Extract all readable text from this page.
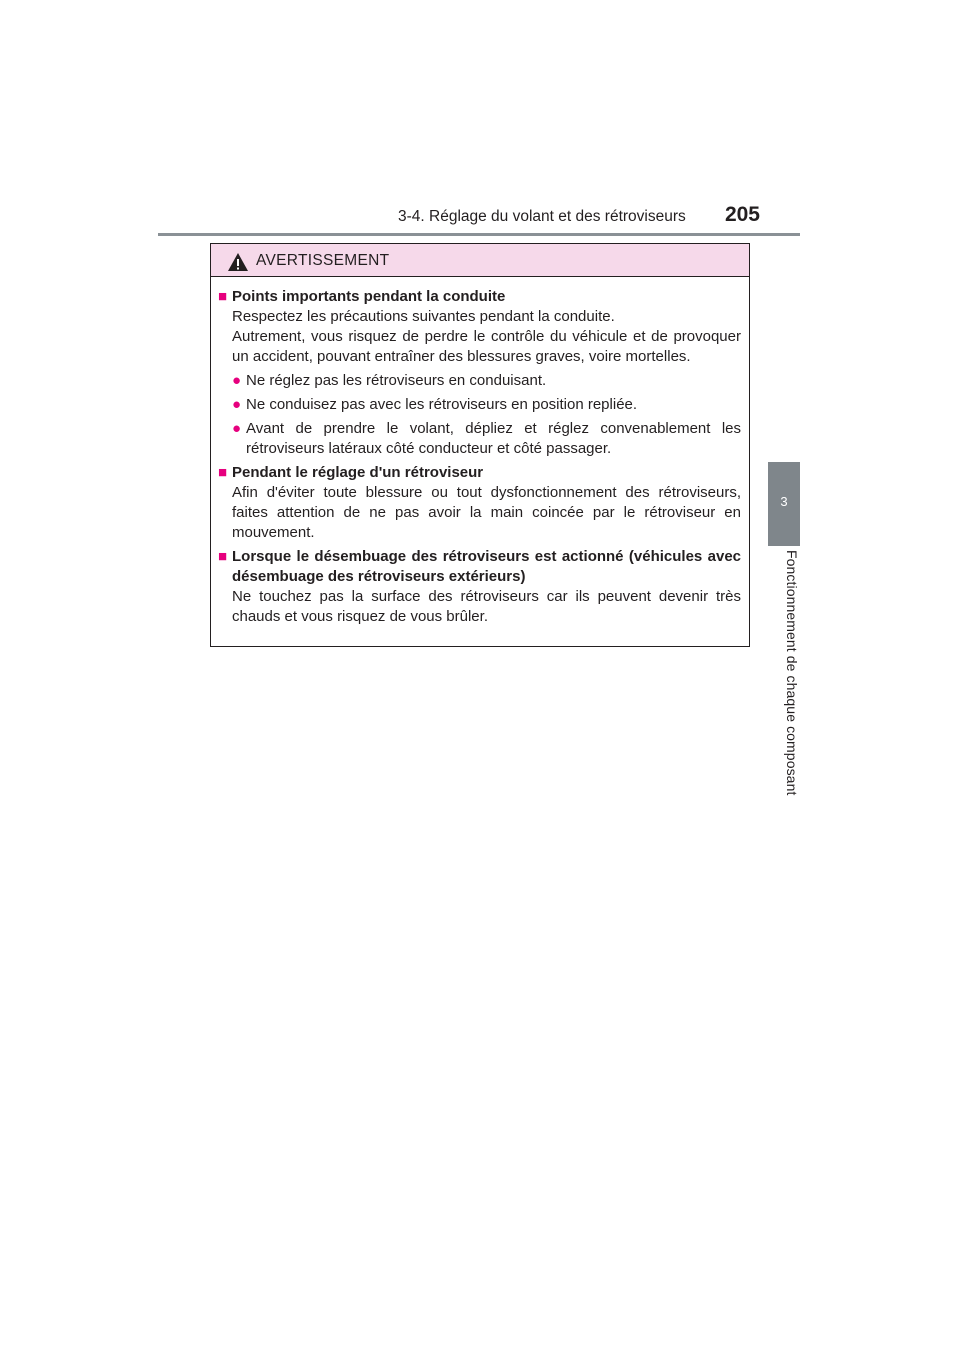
3-4. Réglage du volant et des rétroviseurs 205
3
Fonctionnement de chaque composant
AVERTISSEMENT
■ Points importants pendant la conduite
Respectez les précautions suivantes pendant la conduite.
Autrement, vous risquez de perdre le contrôle du véhicule et de provoquer un accident, pouvant entraîner des blessures graves, voire mortelles.
● Ne réglez pas les rétroviseurs en conduisant.
● Ne conduisez pas avec les rétroviseurs en position repliée.
● Avant de prendre le volant, dépliez et réglez convenablement les rétroviseurs latéraux côté conducteur et côté passager.
■ Pendant le réglage d'un rétroviseur
Afin d'éviter toute blessure ou tout dysfonctionnement des rétroviseurs, faites attention de ne pas avoir la main coincée par le rétroviseur en mouvement.
■ Lorsque le désembuage des rétroviseurs est actionné (véhicules avec désembuage des rétroviseurs extérieurs)
Ne touchez pas la surface des rétroviseurs car ils peuvent devenir très chauds et vous risquez de vous brûler.
